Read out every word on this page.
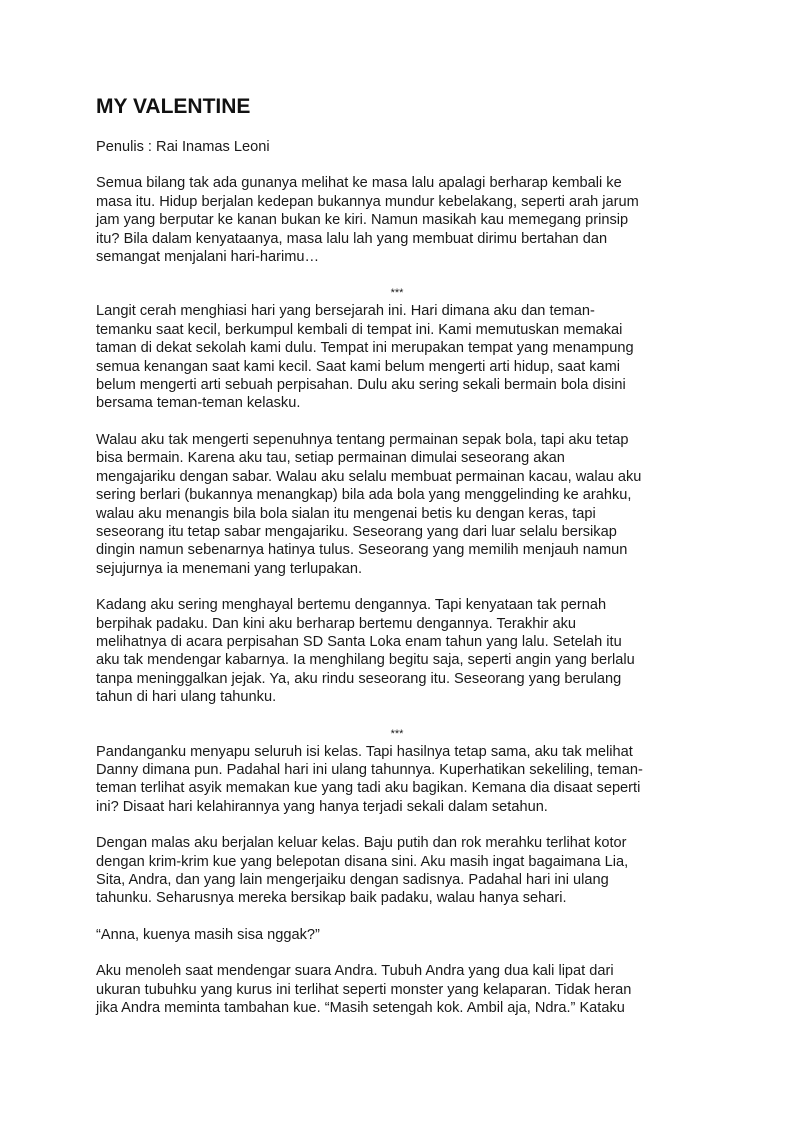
MY VALENTINE
Penulis : Rai Inamas Leoni
Semua bilang tak ada gunanya melihat ke masa lalu apalagi berharap kembali ke
masa itu. Hidup berjalan kedepan bukannya mundur kebelakang, seperti arah jarum
jam yang berputar ke kanan bukan ke kiri. Namun masikah kau memegang prinsip
itu? Bila dalam kenyataanya, masa lalu lah yang membuat dirimu bertahan dan
semangat menjalani hari-harimu…
***
Langit cerah menghiasi hari yang bersejarah ini. Hari dimana aku dan teman-
temanku saat kecil, berkumpul kembali di tempat ini. Kami memutuskan memakai
taman di dekat sekolah kami dulu. Tempat ini merupakan tempat yang menampung
semua kenangan saat kami kecil. Saat kami belum mengerti arti hidup, saat kami
belum mengerti arti sebuah perpisahan. Dulu aku sering sekali bermain bola disini
bersama teman-teman kelasku.
Walau aku tak mengerti sepenuhnya tentang permainan sepak bola, tapi aku tetap
bisa bermain. Karena aku tau, setiap permainan dimulai seseorang akan
mengajariku dengan sabar. Walau aku selalu membuat permainan kacau, walau aku
sering berlari (bukannya menangkap) bila ada bola yang menggelinding ke arahku,
walau aku menangis bila bola sialan itu mengenai betis ku dengan keras, tapi
seseorang itu tetap sabar mengajariku. Seseorang yang dari luar selalu bersikap
dingin namun sebenarnya hatinya tulus. Seseorang yang memilih menjauh namun
sejujurnya ia menemani yang terlupakan.
Kadang aku sering menghayal bertemu dengannya. Tapi kenyataan tak pernah
berpihak padaku. Dan kini aku berharap bertemu dengannya. Terakhir aku
melihatnya di acara perpisahan SD Santa Loka enam tahun yang lalu. Setelah itu
aku tak mendengar kabarnya. Ia menghilang begitu saja, seperti angin yang berlalu
tanpa meninggalkan jejak. Ya, aku rindu seseorang itu. Seseorang yang berulang
tahun di hari ulang tahunku.
***
Pandanganku menyapu seluruh isi kelas. Tapi hasilnya tetap sama, aku tak melihat
Danny dimana pun. Padahal hari ini ulang tahunnya. Kuperhatikan sekeliling, teman-
teman terlihat asyik memakan kue yang tadi aku bagikan. Kemana dia disaat seperti
ini? Disaat hari kelahirannya yang hanya terjadi sekali dalam setahun.
Dengan malas aku berjalan keluar kelas. Baju putih dan rok merahku terlihat kotor
dengan krim-krim kue yang belepotan disana sini. Aku masih ingat bagaimana Lia,
Sita, Andra, dan yang lain mengerjaiku dengan sadisnya. Padahal hari ini ulang
tahunku. Seharusnya mereka bersikap baik padaku, walau hanya sehari.
“Anna, kuenya masih sisa nggak?”
Aku menoleh saat mendengar suara Andra. Tubuh Andra yang dua kali lipat dari
ukuran tubuhku yang kurus ini terlihat seperti monster yang kelaparan. Tidak heran
jika Andra meminta tambahan kue. “Masih setengah kok. Ambil aja, Ndra.” Kataku
